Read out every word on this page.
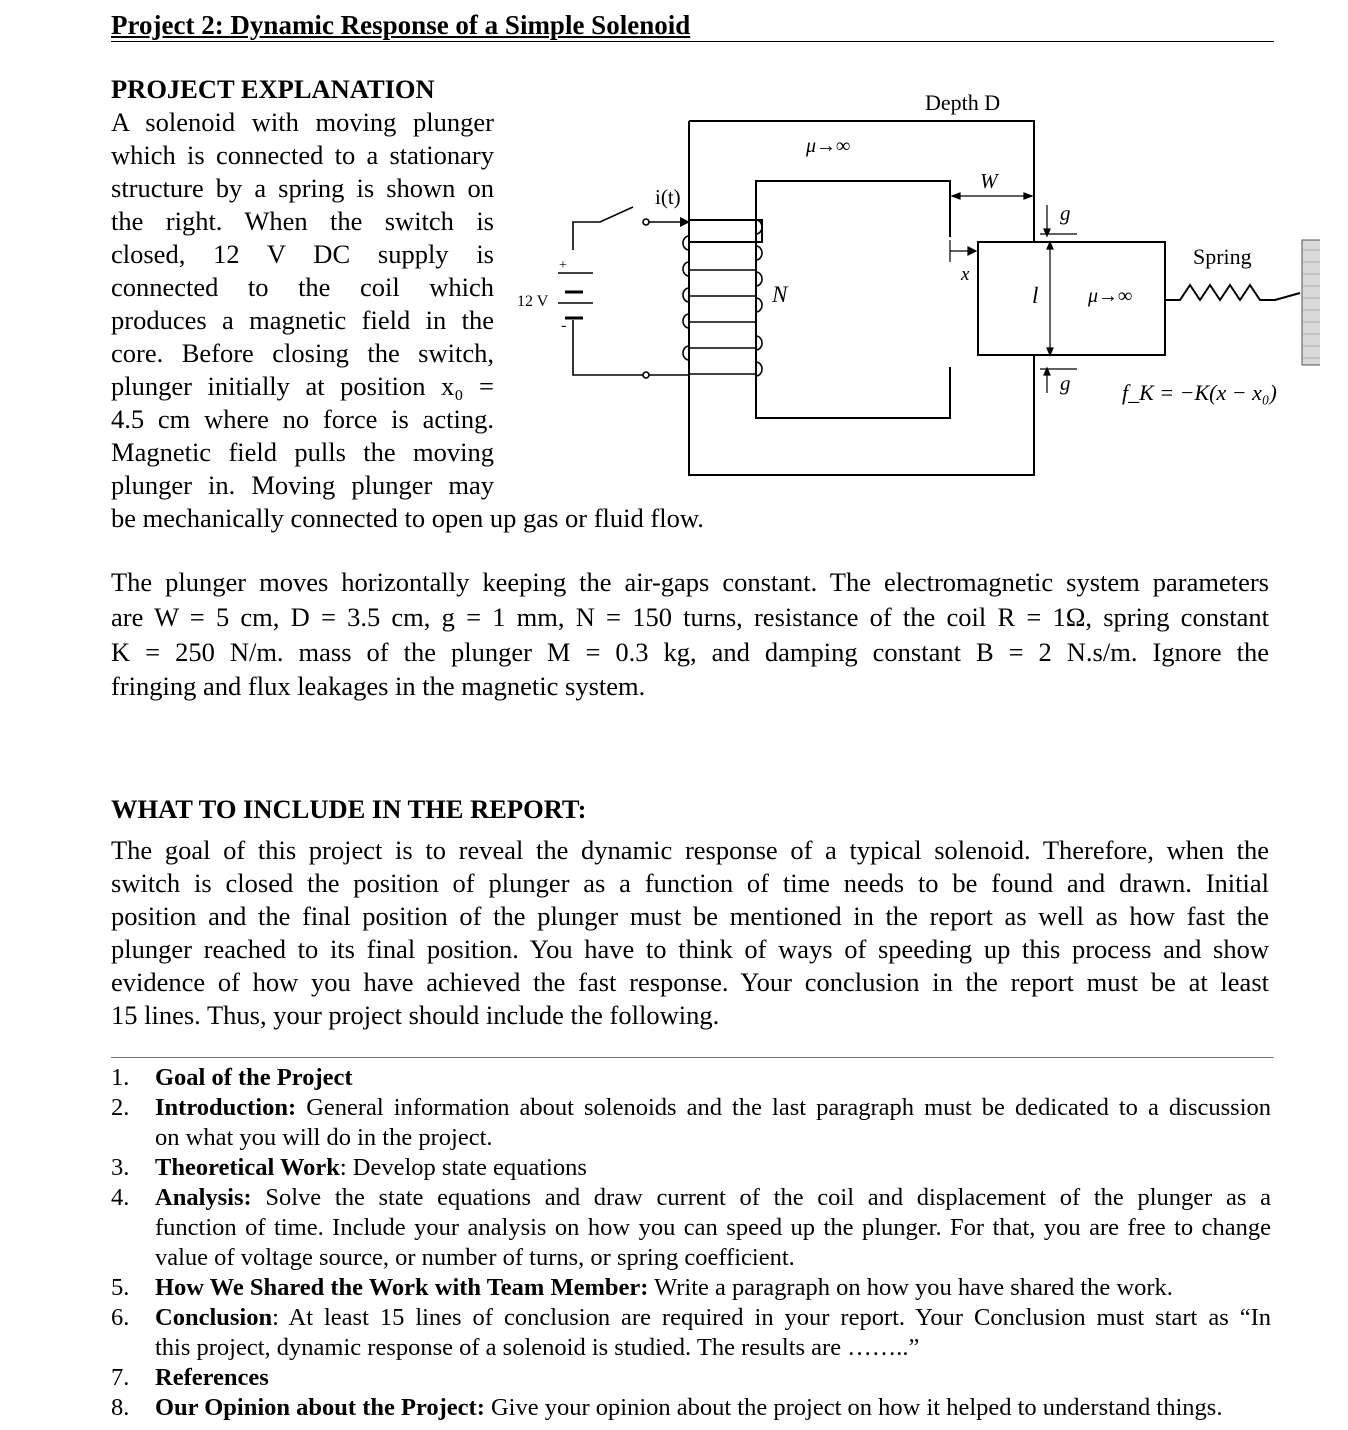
Project 2: Dynamic Response of a Simple Solenoid
PROJECT EXPLANATION
A solenoid with moving plunger
which is connected to a stationary
structure by a spring is shown on
the right. When the switch is
closed, 12 V DC supply is
connected to the coil which
produces a magnetic field in the
core. Before closing the switch,
plunger initially at position x₀ =
4.5 cm where no force is acting.
Magnetic field pulls the moving
plunger in. Moving plunger may
be mechanically connected to open up gas or fluid flow.
Depth D
μ→∞
W
g
g
i(t)
N
12 V
+
-
x
l μ→∞
Spring
f_K = −K(x − x₀)
The plunger moves horizontally keeping the air-gaps constant. The electromagnetic system parameters
are W = 5 cm, D = 3.5 cm, g = 1 mm, N = 150 turns, resistance of the coil R = 1Ω, spring constant
K = 250 N/m. mass of the plunger M = 0.3 kg, and damping constant B = 2 N.s/m. Ignore the
fringing and flux leakages in the magnetic system.
WHAT TO INCLUDE IN THE REPORT:
The goal of this project is to reveal the dynamic response of a typical solenoid. Therefore, when the
switch is closed the position of plunger as a function of time needs to be found and drawn. Initial
position and the final position of the plunger must be mentioned in the report as well as how fast the
plunger reached to its final position. You have to think of ways of speeding up this process and show
evidence of how you have achieved the fast response. Your conclusion in the report must be at least
15 lines. Thus, your project should include the following.
1. Goal of the Project
2. Introduction: General information about solenoids and the last paragraph must be dedicated to a discussion
on what you will do in the project.
3. Theoretical Work: Develop state equations
4. Analysis: Solve the state equations and draw current of the coil and displacement of the plunger as a
function of time. Include your analysis on how you can speed up the plunger. For that, you are free to change
value of voltage source, or number of turns, or spring coefficient.
5. How We Shared the Work with Team Member: Write a paragraph on how you have shared the work.
6. Conclusion: At least 15 lines of conclusion are required in your report. Your Conclusion must start as “In
this project, dynamic response of a solenoid is studied. The results are ……..”
7. References
8. Our Opinion about the Project: Give your opinion about the project on how it helped to understand things.
